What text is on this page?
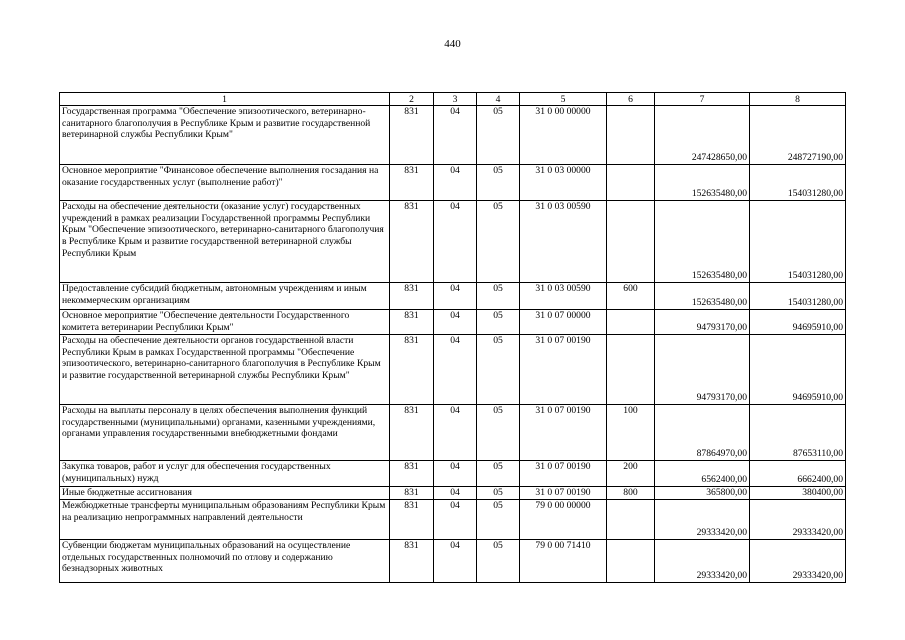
440
1	2	3	4	5	6	7	8
Государственная программа "Обеспечение эпизоотического, ветеринарно-санитарного благополучия в Республике Крым и развитие государственной ветеринарной службы Республики Крым"	831	04	05	31 0 00 00000		247428650,00	248727190,00
Основное мероприятие "Финансовое обеспечение выполнения госзадания на оказание государственных услуг (выполнение работ)"	831	04	05	31 0 03 00000		152635480,00	154031280,00
Расходы на обеспечение деятельности (оказание услуг) государственных учреждений в рамках реализации Государственной программы Республики Крым "Обеспечение эпизоотического, ветеринарно-санитарного благополучия в Республике Крым и развитие государственной ветеринарной службы Республики Крым	831	04	05	31 0 03 00590		152635480,00	154031280,00
Предоставление субсидий бюджетным, автономным учреждениям и иным некоммерческим организациям	831	04	05	31 0 03 00590	600	152635480,00	154031280,00
Основное мероприятие "Обеспечение деятельности Государственного комитета ветеринарии Республики Крым"	831	04	05	31 0 07 00000		94793170,00	94695910,00
Расходы на обеспечение деятельности органов государственной власти Республики Крым в рамках Государственной программы "Обеспечение эпизоотического, ветеринарно-санитарного благополучия в Республике Крым и развитие государственной ветеринарной службы Республики Крым"	831	04	05	31 0 07 00190		94793170,00	94695910,00
Расходы на выплаты персоналу в целях обеспечения выполнения функций государственными (муниципальными) органами, казенными учреждениями, органами управления государственными внебюджетными фондами	831	04	05	31 0 07 00190	100	87864970,00	87653110,00
Закупка товаров, работ и услуг для обеспечения государственных (муниципальных) нужд	831	04	05	31 0 07 00190	200	6562400,00	6662400,00
Иные бюджетные ассигнования	831	04	05	31 0 07 00190	800	365800,00	380400,00
Межбюджетные трансферты муниципальным образованиям Республики Крым на реализацию непрограммных направлений деятельности	831	04	05	79 0 00 00000		29333420,00	29333420,00
Субвенции бюджетам муниципальных образований на осуществление отдельных государственных полномочий по отлову и содержанию безнадзорных животных	831	04	05	79 0 00 71410		29333420,00	29333420,00
